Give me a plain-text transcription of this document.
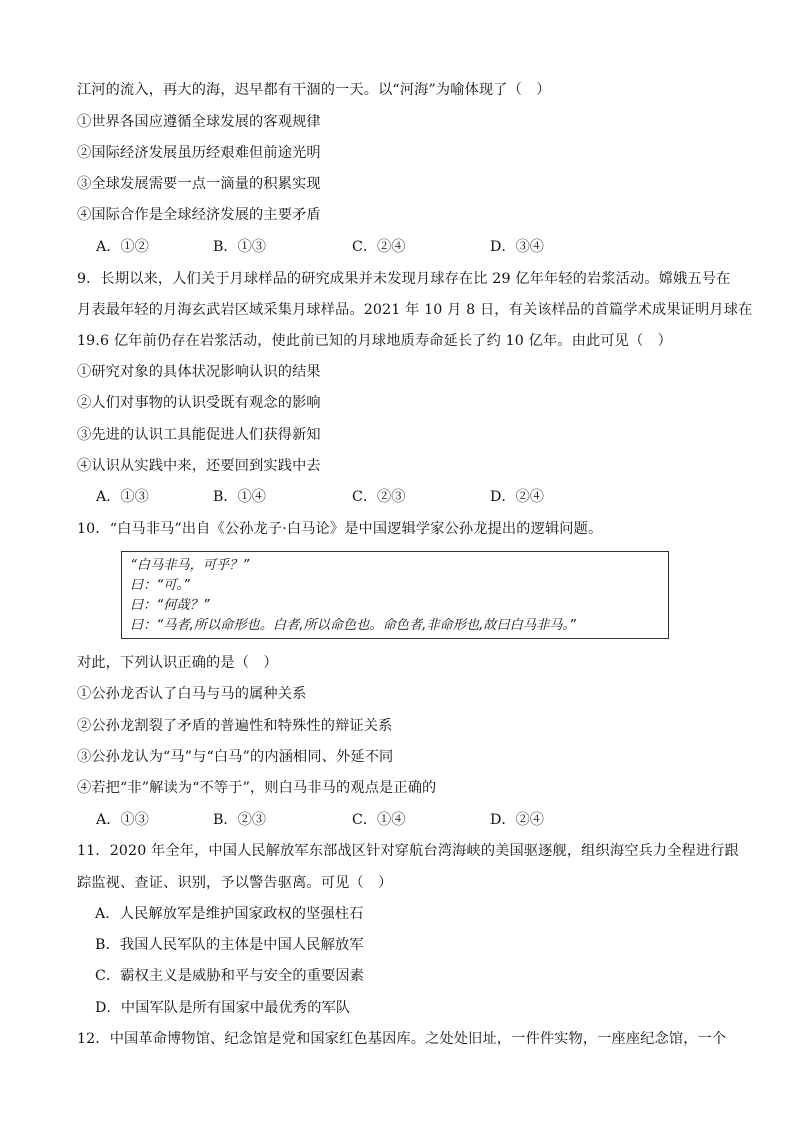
江河的流入，再大的海，迟早都有干涸的一天。以“河海”为喻体现了（　）
①世界各国应遵循全球发展的客观规律
②国际经济发展虽历经艰难但前途光明
③全球发展需要一点一滴量的积累实现
④国际合作是全球经济发展的主要矛盾
A．①②	B．①③	C．②④	D．③④
9．长期以来，人们关于月球样品的研究成果并未发现月球存在比 29 亿年年轻的岩浆活动。嫦娥五号在
月表最年轻的月海玄武岩区域采集月球样品。2021 年 10 月 8 日，有关该样品的首篇学术成果证明月球在
19.6 亿年前仍存在岩浆活动，使此前已知的月球地质寿命延长了约 10 亿年。由此可见（　）
①研究对象的具体状况影响认识的结果
②人们对事物的认识受既有观念的影响
③先进的认识工具能促进人们获得新知
④认识从实践中来，还要回到实践中去
A．①③	B．①④	C．②③	D．②④
10．“白马非马”出自《公孙龙子·白马论》是中国逻辑学家公孙龙提出的逻辑问题。
“白马非马，可乎？”
曰：“可。”
曰：“何哉？”
曰：“马者,所以命形也。白者,所以命色也。命色者,非命形也,故曰白马非马。”
对此，下列认识正确的是（　）
①公孙龙否认了白马与马的属种关系
②公孙龙割裂了矛盾的普遍性和特殊性的辩证关系
③公孙龙认为“马”与“白马”的内涵相同、外延不同
④若把“非”解读为“不等于”，则白马非马的观点是正确的
A．①③	B．②③	C．①④	D．②④
11．2020 年全年，中国人民解放军东部战区针对穿航台湾海峡的美国驱逐舰，组织海空兵力全程进行跟
踪监视、查证、识别，予以警告驱离。可见（　）
A．人民解放军是维护国家政权的坚强柱石
B．我国人民军队的主体是中国人民解放军
C．霸权主义是威胁和平与安全的重要因素
D．中国军队是所有国家中最优秀的军队
12．中国革命博物馆、纪念馆是党和国家红色基因库。之处处旧址，一件件实物，一座座纪念馆，一个
